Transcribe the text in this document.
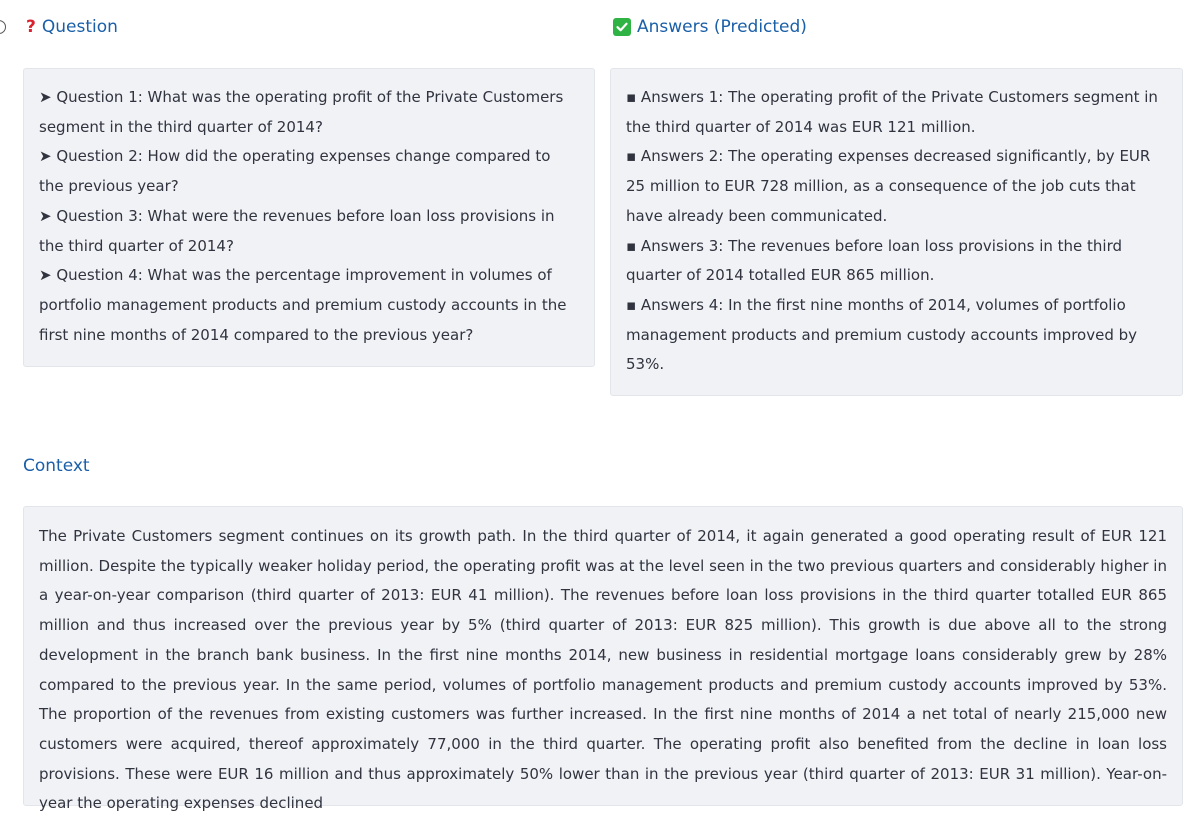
? Question	Answers (Predicted)

➤ Question 1: What was the operating profit of the Private Customers segment in the third quarter of 2014?

➤ Question 2: How did the operating expenses change compared to the previous year?

➤ Question 3: What were the revenues before loan loss provisions in the third quarter of 2014?

➤ Question 4: What was the percentage improvement in volumes of portfolio management products and premium custody accounts in the first nine months of 2014 compared to the previous year?

▪ Answers 1: The operating profit of the Private Customers segment in the third quarter of 2014 was EUR 121 million.

▪ Answers 2: The operating expenses decreased significantly, by EUR 25 million to EUR 728 million, as a consequence of the job cuts that have already been communicated.

▪ Answers 3: The revenues before loan loss provisions in the third quarter of 2014 totalled EUR 865 million.

▪ Answers 4: In the first nine months of 2014, volumes of portfolio management products and premium custody accounts improved by 53%.

Context

The Private Customers segment continues on its growth path. In the third quarter of 2014, it again generated a good operating result of EUR 121 million. Despite the typically weaker holiday period, the operating profit was at the level seen in the two previous quarters and considerably higher in a year-on-year comparison (third quarter of 2013: EUR 41 million). The revenues before loan loss provisions in the third quarter totalled EUR 865 million and thus increased over the previous year by 5% (third quarter of 2013: EUR 825 million). This growth is due above all to the strong development in the branch bank business. In the first nine months 2014, new business in residential mortgage loans considerably grew by 28% compared to the previous year. In the same period, volumes of portfolio management products and premium custody accounts improved by 53%. The proportion of the revenues from existing customers was further increased. In the first nine months of 2014 a net total of nearly 215,000 new customers were acquired, thereof approximately 77,000 in the third quarter. The operating profit also benefited from the decline in loan loss provisions. These were EUR 16 million and thus approximately 50% lower than in the previous year (third quarter of 2013: EUR 31 million). Year-on-year the operating expenses declined
